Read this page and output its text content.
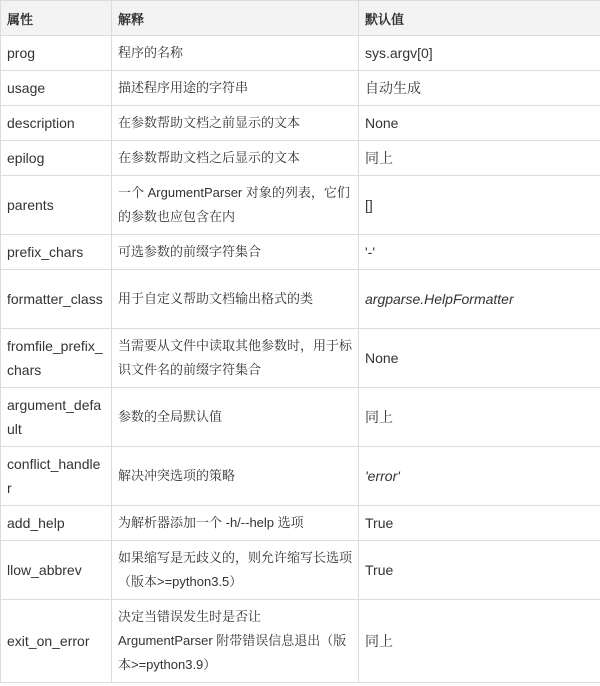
属性	解释	默认值
prog	程序的名称	sys.argv[0]
usage	描述程序用途的字符串	自动生成
description	在参数帮助文档之前显示的文本	None
epilog	在参数帮助文档之后显示的文本	同上
parents	一个 ArgumentParser 对象的列表，它们的参数也应包含在内	[]
prefix_chars	可选参数的前缀字符集合	'-'
formatter_class	用于自定义帮助文档输出格式的类	argparse.HelpFormatter
fromfile_prefix_chars	当需要从文件中读取其他参数时，用于标识文件名的前缀字符集合	None
argument_default	参数的全局默认值	同上
conflict_handler	解决冲突选项的策略	'error'
add_help	为解析器添加一个 -h/--help 选项	True
llow_abbrev	如果缩写是无歧义的，则允许缩写长选项（版本>=python3.5）	True
exit_on_error	决定当错误发生时是否让 ArgumentParser 附带错误信息退出（版本>=python3.9）	同上
